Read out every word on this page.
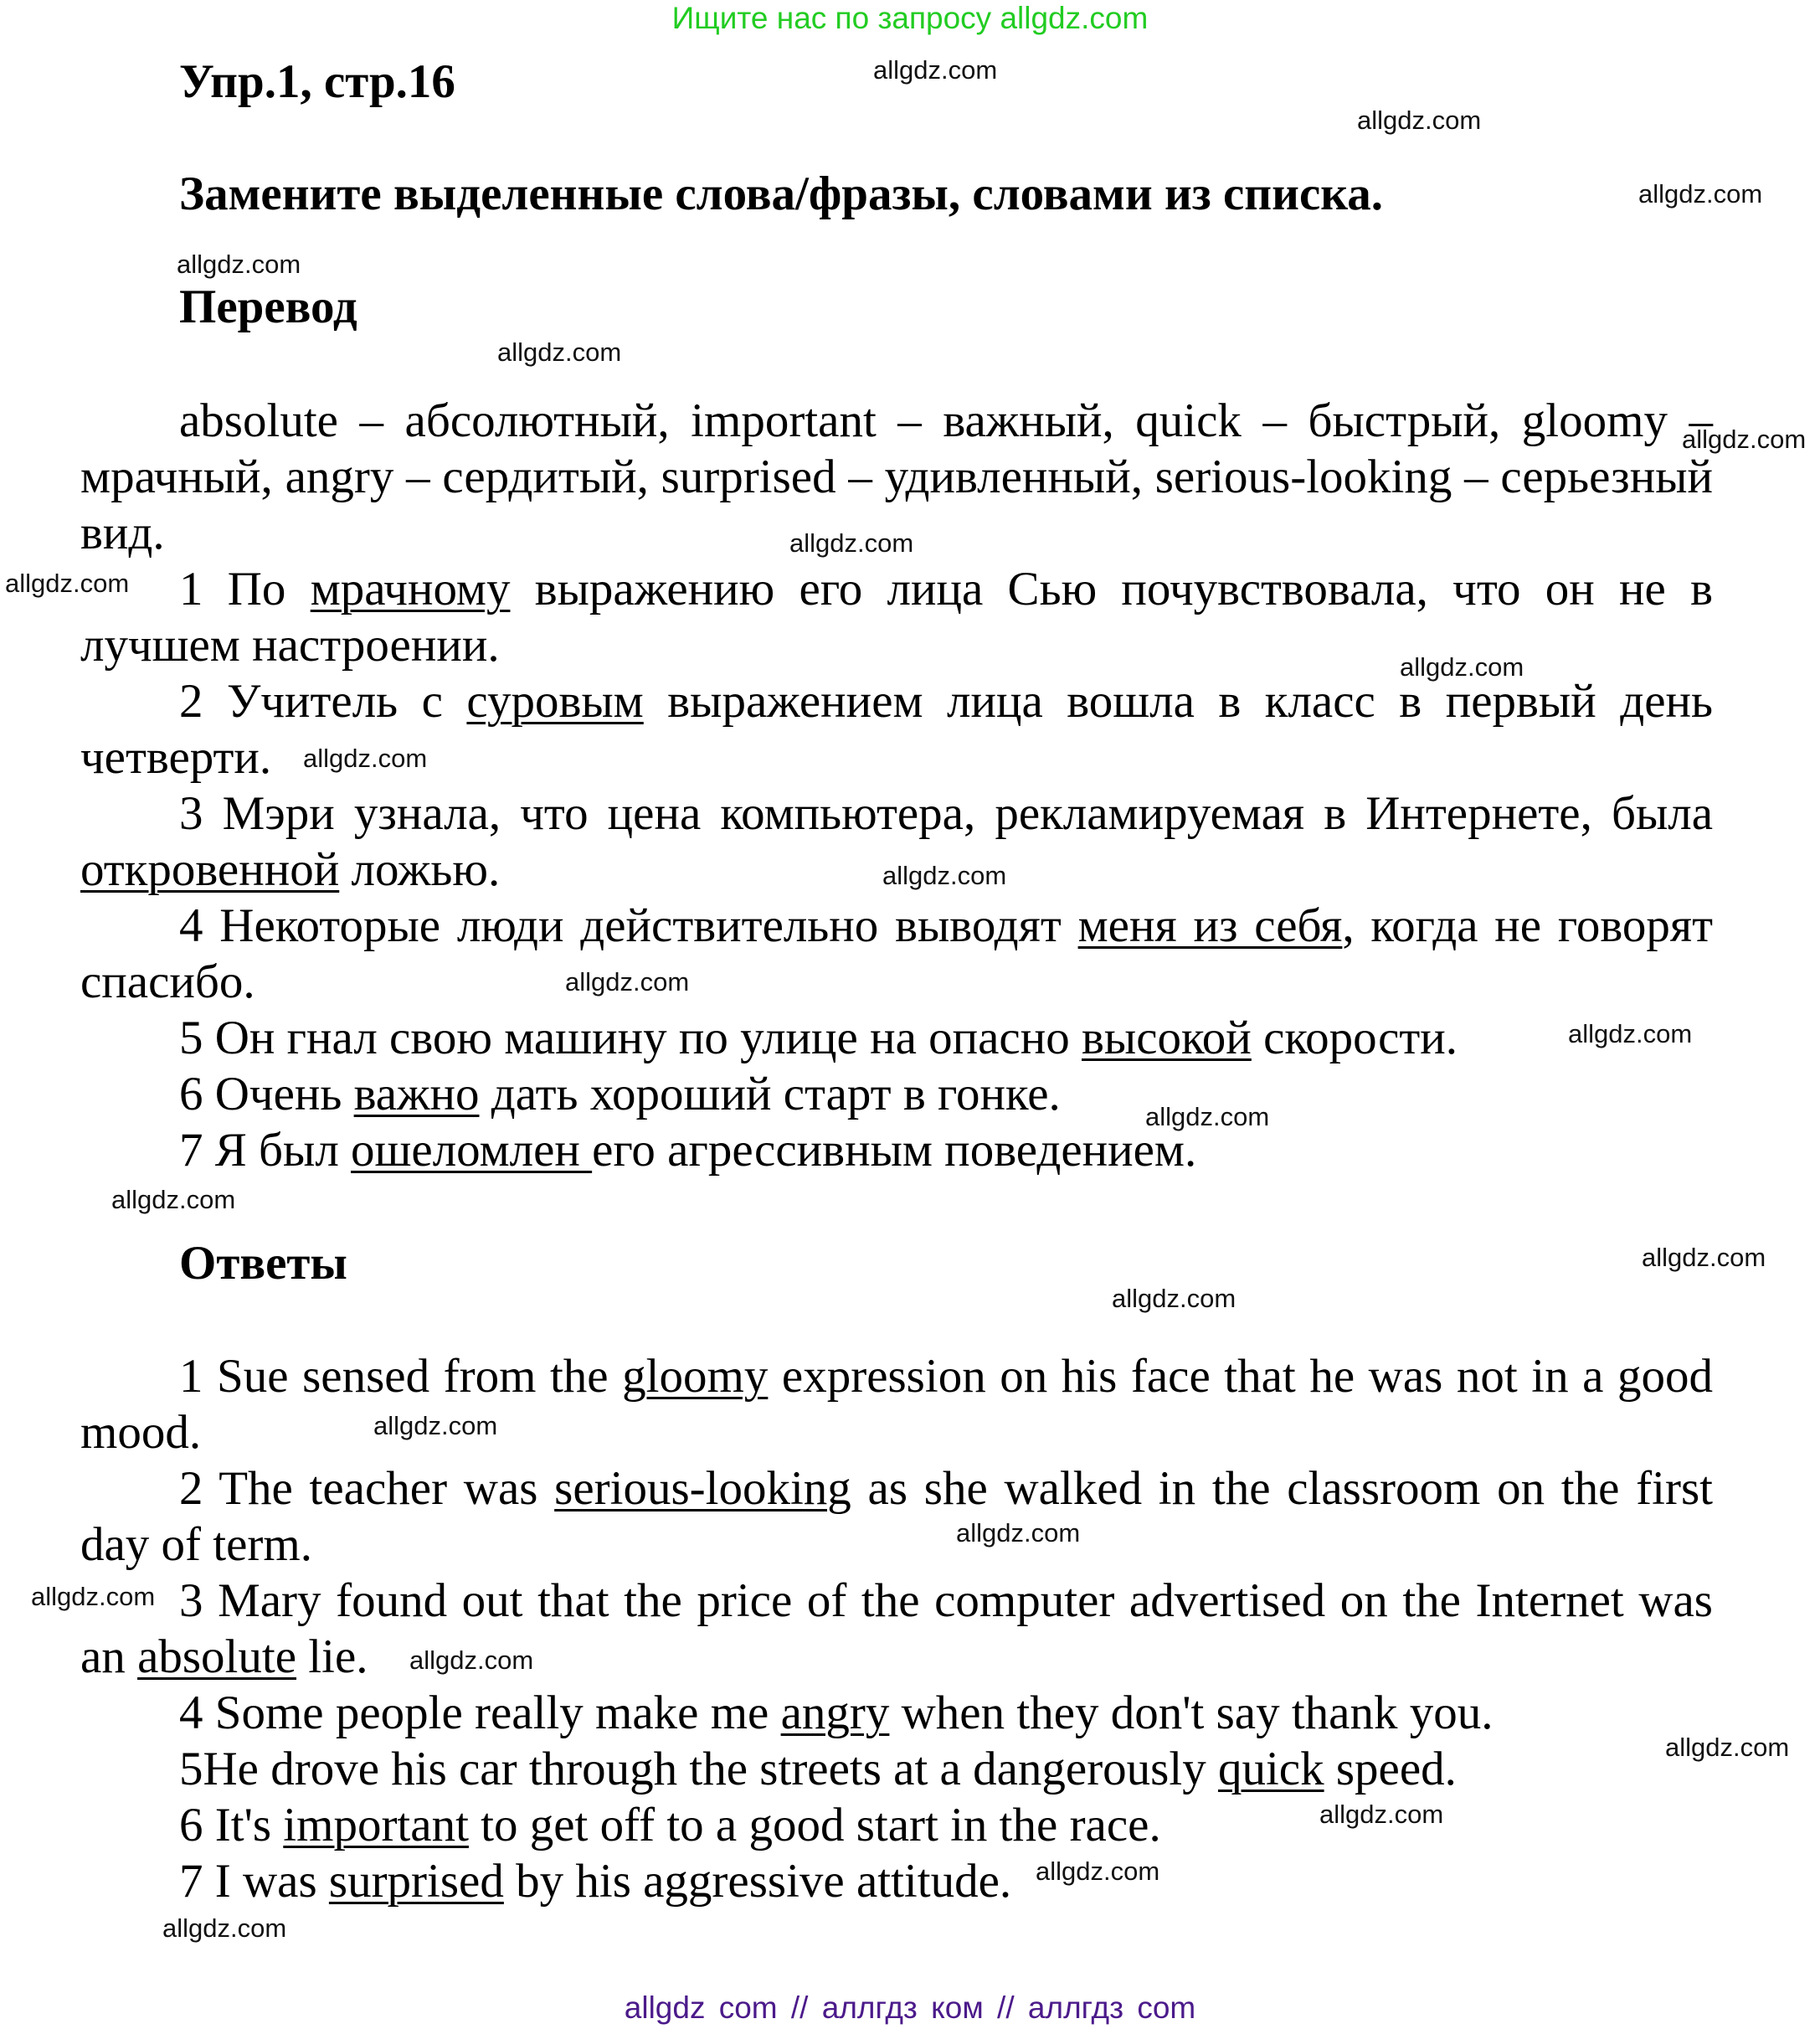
Ищите нас по запросу allgdz.com
Упр.1, стр.16
Замените выделенные слова/фразы, словами из списка.
Перевод

absolute – абсолютный, important – важный, quick – быстрый, gloomy – мрачный, angry – сердитый, surprised – удивленный, serious-looking – серьезный вид.

1 По мрачному выражению его лица Сью почувствовала, что он не в лучшем настроении.

2 Учитель с суровым выражением лица вошла в класс в первый день четверти.

3 Мэри узнала, что цена компьютера, рекламируемая в Интернете, была откровенной ложью.

4 Некоторые люди действительно выводят меня из себя, когда не говорят спасибо.

5 Он гнал свою машину по улице на опасно высокой скорости.

6 Очень важно дать хороший старт в гонке.

7 Я был ошеломлен его агрессивным поведением.

Ответы

1 Sue sensed from the gloomy expression on his face that he was not in a good mood.

2 The teacher was serious-looking as she walked in the classroom on the first day of term.

3 Mary found out that the price of the computer advertised on the Internet was an absolute lie.

4 Some people really make me angry when they don't say thank you.

5He drove his car through the streets at a dangerously quick speed.

6 It's important to get off to a good start in the race.

7 I was surprised by his aggressive attitude.

allgdz.com
allgdz.com
allgdz.com
allgdz.com
allgdz.com
allgdz.com
allgdz.com
allgdz.com
allgdz.com
allgdz.com
allgdz.com
allgdz.com
allgdz.com
allgdz.com
allgdz.com
allgdz.com
allgdz.com
allgdz.com
allgdz.com
allgdz.com
allgdz.com
allgdz.com
allgdz.com
allgdz.com
allgdz.com
allgdz com // аллгдз ком // аллгдз com
